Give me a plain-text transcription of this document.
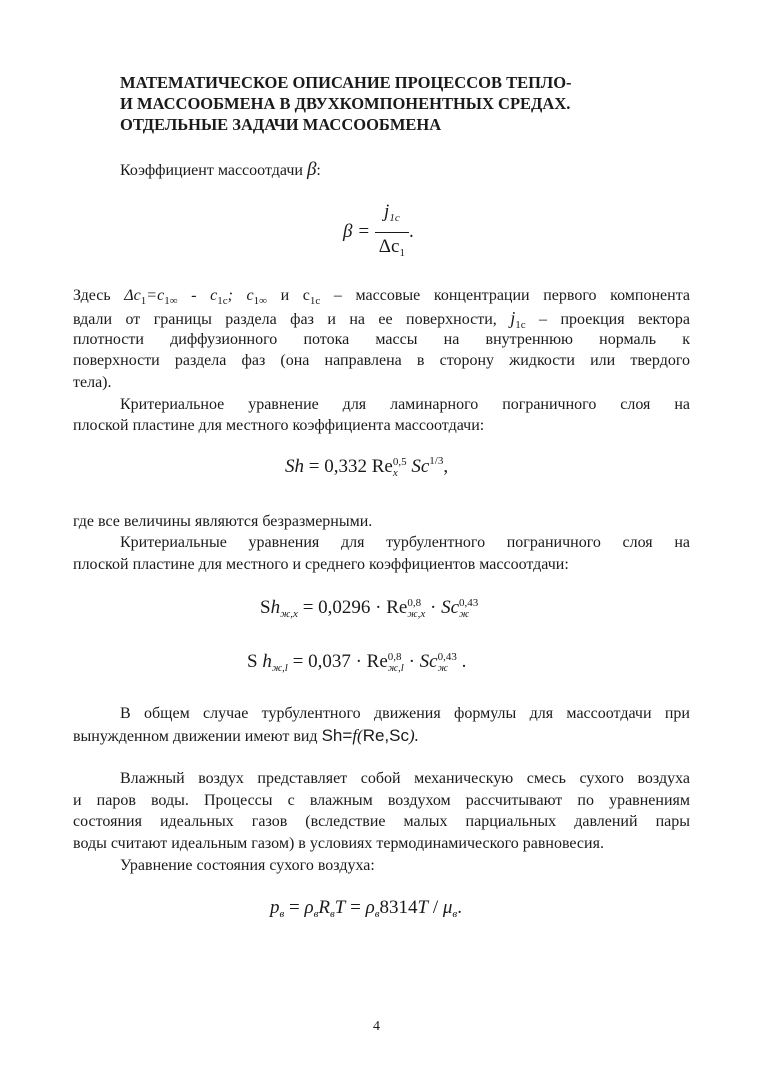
МАТЕМАТИЧЕСКОЕ ОПИСАНИЕ ПРОЦЕССОВ ТЕПЛО-
И МАССООБМЕНА В ДВУХКОМПОНЕНТНЫХ СРЕДАХ.
ОТДЕЛЬНЫЕ ЗАДАЧИ МАССООБМЕНА
Коэффициент массоотдачи β:
$\beta = \frac{j_{1c}}{\Delta c_1}$ .
Здесь $\Delta c_1=c_{1\infty} - c_{1c}$; $c_{1\infty}$ и $c_{1c}$ – массовые концентрации первого компонента
вдали от границы раздела фаз и на ее поверхности, $j_{1c}$ – проекция вектора
плотности диффузионного потока массы на внутреннюю нормаль к
поверхности раздела фаз (она направлена в сторону жидкости или твердого
тела).
Критериальное уравнение для ламинарного пограничного слоя на
плоской пластине для местного коэффициента массоотдачи:
Sh = 0,332 Re 0,5
x Sc 1/3 ,
где все величины являются безразмерными.
Критериальные уравнения для турбулентного пограничного слоя на
плоской пластине для местного и среднего коэффициентов массоотдачи:
$Sh_{ж,x} = 0,0296 \cdot Re$ 0,8
ж,x · Sc 0,43
ж
S $h_{ж,l} = 0,037 \cdot Re$ 0,8
ж,l · Sc 0,43
ж .
В общем случае турбулентного движения формулы для массоотдачи при
вынужденном движении имеют вид Sh=f(Re,Sc).
Влажный воздух представляет собой механическую смесь сухого воздуха
и паров воды. Процессы с влажным воздухом рассчитывают по уравнениям
состояния идеальных газов (вследствие малых парциальных давлений пары
воды считают идеальным газом) в условиях термодинамического равновесия.
Уравнение состояния сухого воздуха:
$p_в = \rho_вR_вT = \rho_в8314T / \mu_в$.
4
